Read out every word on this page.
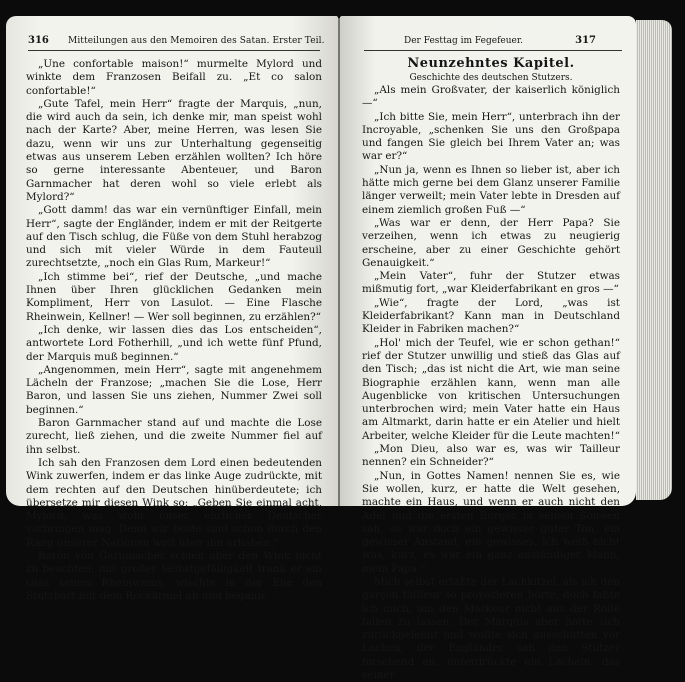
316 Mitteilungen aus den Memoiren des Satan. Erster Teil.

„Une confortable maison!“ murmelte Mylord und winkte dem Franzosen Beifall zu. „Et co salon confortable!“

„Gute Tafel, mein Herr“ fragte der Marquis, „nun, die wird auch da sein, ich denke mir, man speist wohl nach der Karte? Aber, meine Herren, was lesen Sie dazu, wenn wir uns zur Unterhaltung gegenseitig etwas aus unserem Leben erzählen wollten? Ich höre so gerne interessante Abenteuer, und Baron Garnmacher hat deren wohl so viele erlebt als Mylord?“

„Gott damm! das war ein vernünftiger Einfall, mein Herr“, sagte der Engländer, indem er mit der Reitgerte auf den Tisch schlug, die Füße von dem Stuhl herabzog und sich mit vieler Würde in dem Fauteuil zurechtsetzte, „noch ein Glas Rum, Markeur!“

„Ich stimme bei“, rief der Deutsche, „und mache Ihnen über Ihren glücklichen Gedanken mein Kompliment, Herr von Lasulot. — Eine Flasche Rheinwein, Kellner! — Wer soll beginnen, zu erzählen?“

„Ich denke, wir lassen dies das Los entscheiden“, antwortete Lord Fotherhill, „und ich wette fünf Pfund, der Marquis muß beginnen.“

„Angenommen, mein Herr“, sagte mit angenehmem Lächeln der Franzose; „machen Sie die Lose, Herr Baron, und lassen Sie uns ziehen, Nummer Zwei soll beginnen.“

Baron Garnmacher stand auf und machte die Lose zurecht, ließ ziehen, und die zweite Nummer fiel auf ihn selbst.

Ich sah den Franzosen dem Lord einen bedeutenden Wink zuwerfen, indem er das linke Auge zudrückte, mit dem rechten auf den Deutschen hinüberdeutete; ich übersetze mir diesen Wink so: „Geben Sie einmal acht, Mylord, was wohl unser ehrlicher Deutscher vorbringen mag. Denn wir beide sind schon durch den Rang unserer Nationen weit über ihn erhaben.“

Baron von Garnmacher schien aber den Wink nicht zu beachten; mit großer Selbstgefälligkeit trank er ein Glas seines Rheinweins, wischte in der Eile den Stutzbart mit dem Rockärmel ab und begann:

Der Festtag im Fegefeuer.	317
Neunzehntes Kapitel.
Geschichte des deutschen Stutzers.

„Als mein Großvater, der kaiserlich königlich —“

„Ich bitte Sie, mein Herr“, unterbrach ihn der Incroyable, „schenken Sie uns den Großpapa und fangen Sie gleich bei Ihrem Vater an; was war er?“

„Nun ja, wenn es Ihnen so lieber ist, aber ich hätte mich gerne bei dem Glanz unserer Familie länger verweilt; mein Vater lebte in Dresden auf einem ziemlich großen Fuß —“

„Was war er denn, der Herr Papa? Sie verzeihen, wenn ich etwas zu neugierig erscheine, aber zu einer Geschichte gehört Genauigkeit.“

„Mein Vater“, fuhr der Stutzer etwas mißmutig fort, „war Kleiderfabrikant en gros —“

„Wie“, fragte der Lord, „was ist Kleiderfabrikant? Kann man in Deutschland Kleider in Fabriken machen?“

„Hol' mich der Teufel, wie er schon gethan!“ rief der Stutzer unwillig und stieß das Glas auf den Tisch; „das ist nicht die Art, wie man seine Biographie erzählen kann, wenn man alle Augenblicke von kritischen Untersuchungen unterbrochen wird; mein Vater hatte ein Haus am Altmarkt, darin hatte er ein Atelier und hielt Arbeiter, welche Kleider für die Leute machten!“

„Mon Dieu, also war es, was wir Tailleur nennen? ein Schneider?“

„Nun, in Gottes Namen! nennen Sie es, wie Sie wollen, kurz, er hatte die Welt gesehen, machte ein Haus, und wenn er auch nicht den Adel und die ersten Bürger in seinen Soiréen sah, so war doch ein gewisser guter Ton, ein gewisser Anstand, ein gewisses, ich weiß nicht was, kurz, es war ein ganz anständiger Mann, mein Papa.“

Mich selbst erfaßte der Lachkitzel, als ich den garçon tailleur so provozieren hörte, doch faßte ich mich, um den Markeur nicht aus der Rolle fallen zu lassen. Der Marquis aber hatte sich zurückgelehnt und wollte sich ausschütten vor Lachen, der Engländer sah den Stutzer forschend an, unterdrückte ein Lächeln, das seiner
